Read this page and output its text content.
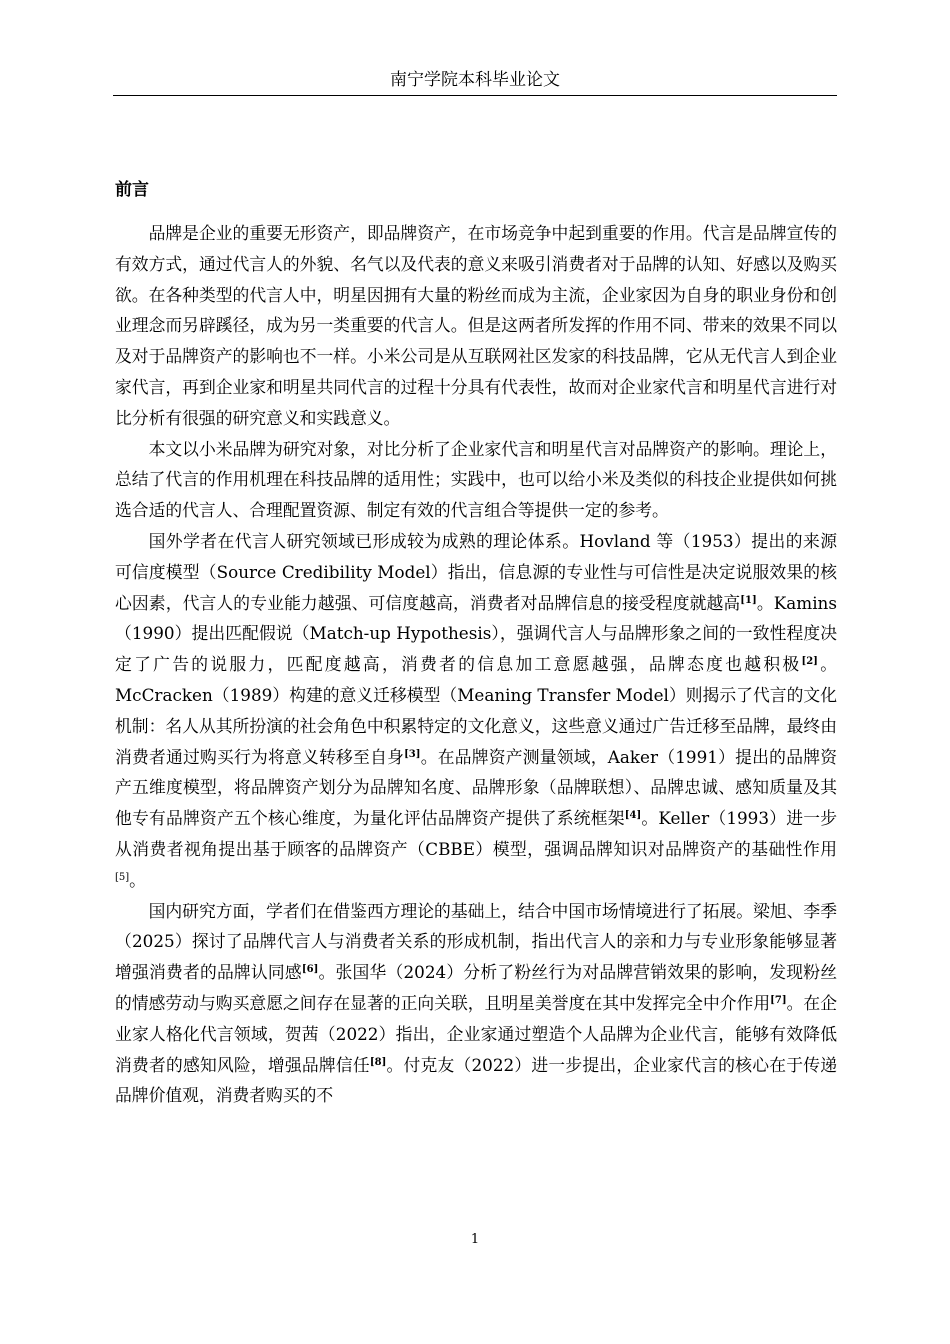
南宁学院本科毕业论文
前言

品牌是企业的重要无形资产，即品牌资产，在市场竞争中起到重要的作用。代言是品牌宣传的有效方式，通过代言人的外貌、名气以及代表的意义来吸引消费者对于品牌的认知、好感以及购买欲。在各种类型的代言人中，明星因拥有大量的粉丝而成为主流，企业家因为自身的职业身份和创业理念而另辟蹊径，成为另一类重要的代言人。但是这两者所发挥的作用不同、带来的效果不同以及对于品牌资产的影响也不一样。小米公司是从互联网社区发家的科技品牌，它从无代言人到企业家代言，再到企业家和明星共同代言的过程十分具有代表性，故而对企业家代言和明星代言进行对比分析有很强的研究意义和实践意义。

本文以小米品牌为研究对象，对比分析了企业家代言和明星代言对品牌资产的影响。理论上，总结了代言的作用机理在科技品牌的适用性；实践中，也可以给小米及类似的科技企业提供如何挑选合适的代言人、合理配置资源、制定有效的代言组合等提供一定的参考。

国外学者在代言人研究领域已形成较为成熟的理论体系。Hovland 等（1953）提出的来源可信度模型（Source Credibility Model）指出，信息源的专业性与可信性是决定说服效果的核心因素，代言人的专业能力越强、可信度越高，消费者对品牌信息的接受程度就越高[1]。Kamins（1990）提出匹配假说（Match-up Hypothesis），强调代言人与品牌形象之间的一致性程度决定了广告的说服力，匹配度越高，消费者的信息加工意愿越强，品牌态度也越积极[2]。McCracken（1989）构建的意义迁移模型（Meaning Transfer Model）则揭示了代言的文化机制：名人从其所扮演的社会角色中积累特定的文化意义，这些意义通过广告迁移至品牌，最终由消费者通过购买行为将意义转移至自身[3]。在品牌资产测量领域，Aaker（1991）提出的品牌资产五维度模型，将品牌资产划分为品牌知名度、品牌形象（品牌联想）、品牌忠诚、感知质量及其他专有品牌资产五个核心维度，为量化评估品牌资产提供了系统框架[4]。Keller（1993）进一步从消费者视角提出基于顾客的品牌资产（CBBE）模型，强调品牌知识对品牌资产的基础性作用[5]。

国内研究方面，学者们在借鉴西方理论的基础上，结合中国市场情境进行了拓展。梁旭、李季（2025）探讨了品牌代言人与消费者关系的形成机制，指出代言人的亲和力与专业形象能够显著增强消费者的品牌认同感[6]。张国华（2024）分析了粉丝行为对品牌营销效果的影响，发现粉丝的情感劳动与购买意愿之间存在显著的正向关联，且明星美誉度在其中发挥完全中介作用[7]。在企业家人格化代言领域，贺茜（2022）指出，企业家通过塑造个人品牌为企业代言，能够有效降低消费者的感知风险，增强品牌信任[8]。付克友（2022）进一步提出，企业家代言的核心在于传递品牌价值观，消费者购买的不

1
